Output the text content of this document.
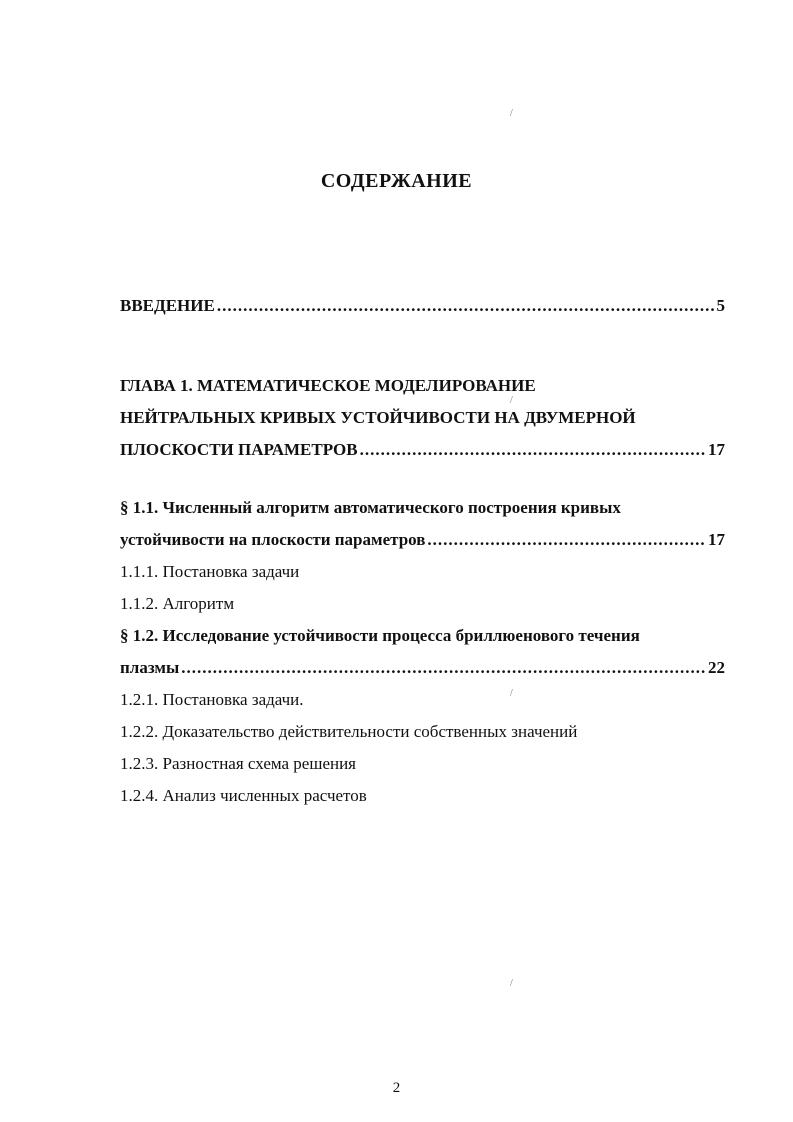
СОДЕРЖАНИЕ
ВВЕДЕНИЕ .....	5
ГЛАВА 1. МАТЕМАТИЧЕСКОЕ МОДЕЛИРОВАНИЕ
НЕЙТРАЛЬНЫХ КРИВЫХ УСТОЙЧИВОСТИ НА ДВУМЕРНОЙ
ПЛОСКОСТИ ПАРАМЕТРОВ .....	17
§ 1.1. Численный алгоритм автоматического построения кривых
устойчивости на плоскости параметров .....	17
1.1.1. Постановка задачи
1.1.2. Алгоритм
§ 1.2. Исследование устойчивости процесса бриллюенового течения
плазмы .....	22
1.2.1. Постановка задачи.
1.2.2. Доказательство действительности собственных значений
1.2.3. Разностная схема решения
1.2.4. Анализ численных расчетов
/
/
/
/
2
